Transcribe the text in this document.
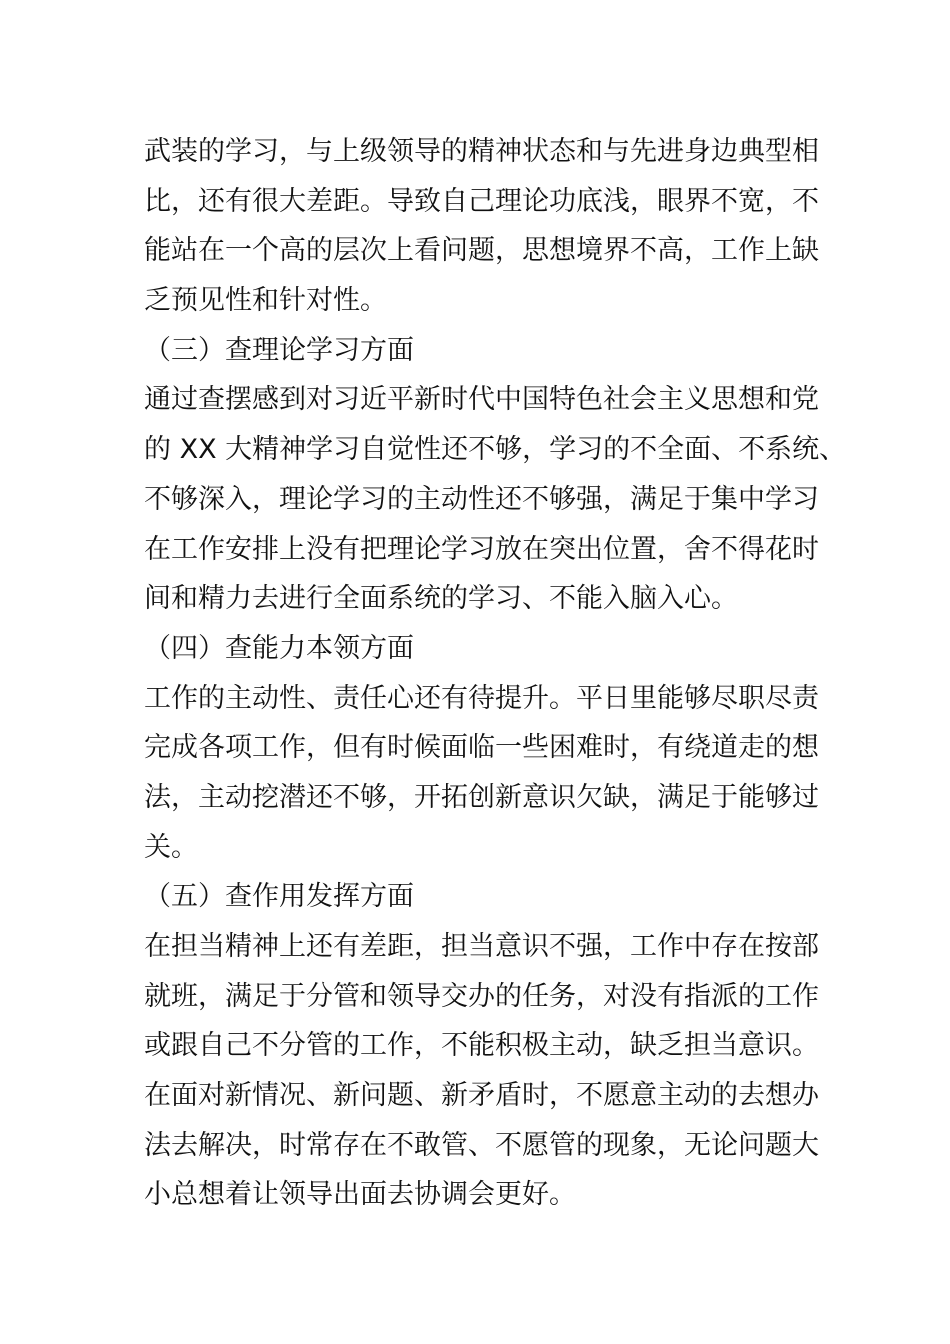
武装的学习，与上级领导的精神状态和与先进身边典型相
比，还有很大差距。导致自己理论功底浅，眼界不宽，不
能站在一个高的层次上看问题，思想境界不高，工作上缺
乏预见性和针对性。
（三）查理论学习方面
通过查摆感到对习近平新时代中国特色社会主义思想和党
的 XX 大精神学习自觉性还不够，学习的不全面、不系统、
不够深入，理论学习的主动性还不够强，满足于集中学习
在工作安排上没有把理论学习放在突出位置，舍不得花时
间和精力去进行全面系统的学习、不能入脑入心。
（四）查能力本领方面
工作的主动性、责任心还有待提升。平日里能够尽职尽责
完成各项工作，但有时候面临一些困难时，有绕道走的想
法，主动挖潜还不够，开拓创新意识欠缺，满足于能够过
关。
（五）查作用发挥方面
在担当精神上还有差距，担当意识不强，工作中存在按部
就班，满足于分管和领导交办的任务，对没有指派的工作
或跟自己不分管的工作，不能积极主动，缺乏担当意识。
在面对新情况、新问题、新矛盾时，不愿意主动的去想办
法去解决，时常存在不敢管、不愿管的现象，无论问题大
小总想着让领导出面去协调会更好。
